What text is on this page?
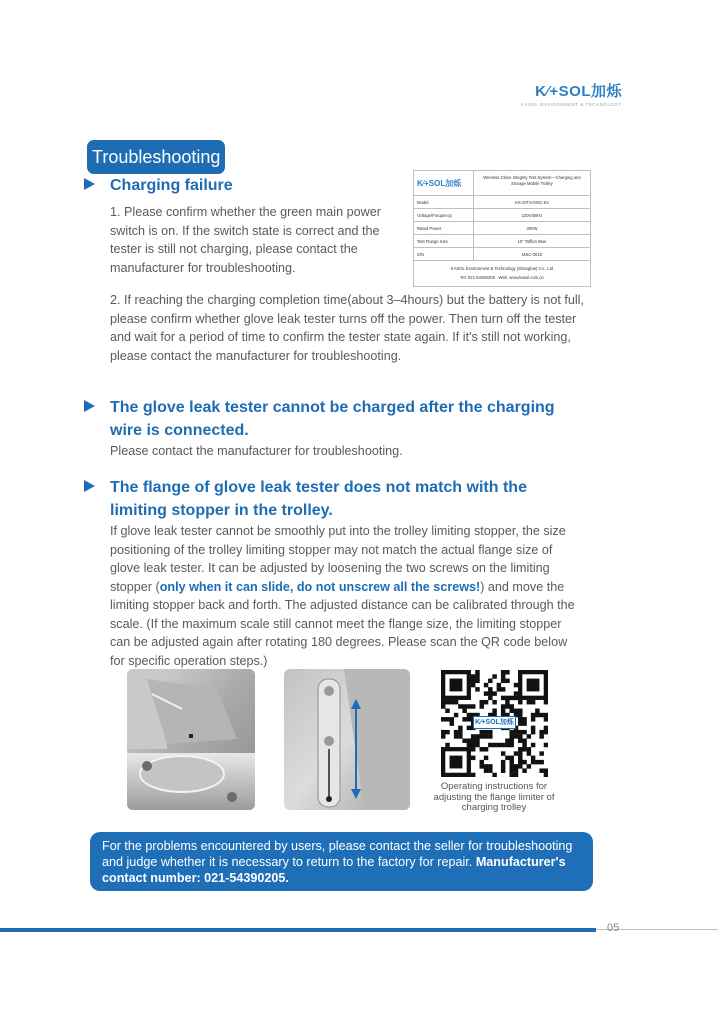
K⁄+SOL加烁
KASOL ENVIRONMENT & TECHNOLOGY
Troubleshooting
Charging failure
1. Please confirm whether the green main power switch is on. If the switch state is correct and the tester is still not charging, please contact the manufacturer for troubleshooting.
K⁄+SOL加烁
Wireless Glove Integrity Test System—Charging and Storage Mobile Trolley
Model	KS-GITS-MSC-Ex
Voltage/Frequency	220V/50Hz
Rated Power	300W
Test Flange Size	10" Tofflon Blue
S/N	MSC-0015
KASOL Environment & Technology (Shanghai) Co., Ltd
Tel: 021-54390205 Web: www.kasol.com.cn
2. If reaching the charging completion time(about 3–4hours) but the battery is not full, please confirm whether glove leak tester turns off the power. Then turn off the tester and wait for a period of time to confirm the tester state again. If it's still not working, please contact the manufacturer for troubleshooting.
The glove leak tester cannot be charged after the charging wire is connected.
Please contact the manufacturer for troubleshooting.
The flange of glove leak tester does not match with the limiting stopper in the trolley.
If glove leak tester cannot be smoothly put into the trolley limiting stopper, the size positioning of the trolley limiting stopper may not match the actual flange size of glove leak tester. It can be adjusted by loosening the two screws on the limiting stopper (only when it can slide, do not unscrew all the screws!) and move the limiting stopper back and forth. The adjusted distance can be calibrated through the scale. (If the maximum scale still cannot meet the flange size, the limiting stopper can be adjusted again after rotating 180 degrees. Please scan the QR code below for specific operation steps.)
K⁄+SOL加烁
Operating instructions for adjusting the flange limiter of charging trolley
For the problems encountered by users, please contact the seller for troubleshooting and judge whether it is necessary to return to the factory for repair. Manufacturer's contact number: 021-54390205.
05
